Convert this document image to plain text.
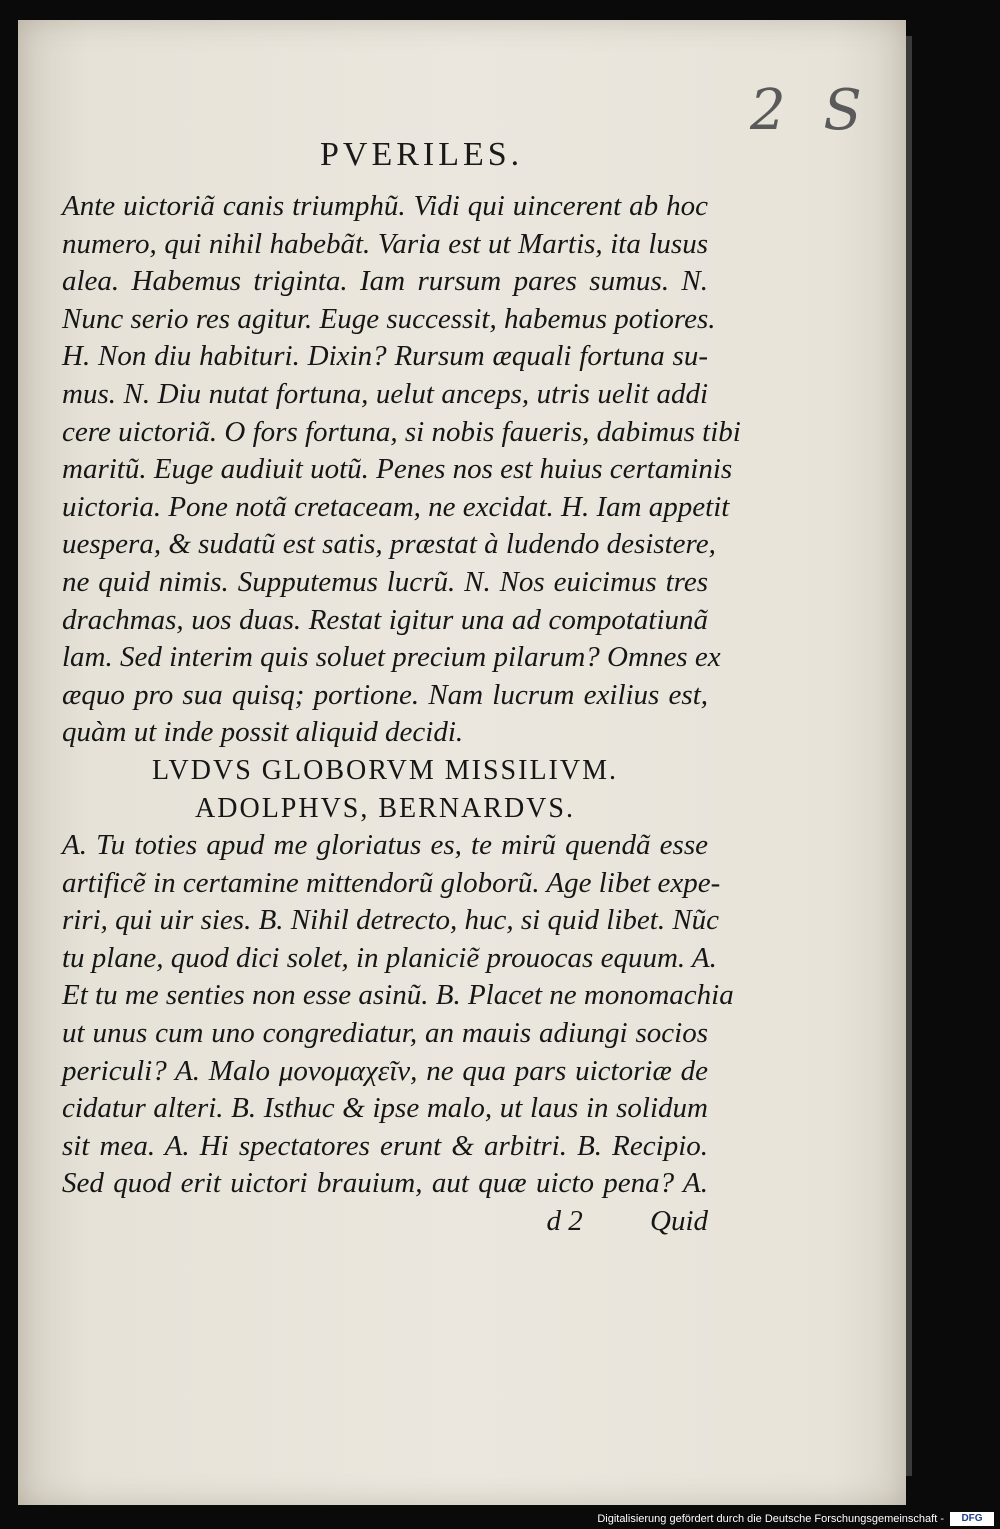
2 S
PVERILES.
Ante uictoriã canis triumphũ. Vidi qui uincerent ab hoc
numero, qui nihil habebãt. Varia est ut Martis, ita lusus
alea. Habemus triginta. Iam rursum pares sumus. N.
Nunc serio res agitur. Euge successit, habemus potiores.
H. Non diu habituri. Dixin? Rursum æquali fortuna su-
mus. N. Diu nutat fortuna, uelut anceps, utris uelit addi
cere uictoriã. O fors fortuna, si nobis faueris, dabimus tibi
maritũ. Euge audiuit uotũ. Penes nos est huius certaminis
uictoria. Pone notã cretaceam, ne excidat. H. Iam appetit
uespera, & sudatũ est satis, præstat à ludendo desistere,
ne quid nimis. Supputemus lucrũ. N. Nos euicimus tres
drachmas, uos duas. Restat igitur una ad compotatiunã
lam. Sed interim quis soluet precium pilarum? Omnes ex
æquo pro sua quisq; portione. Nam lucrum exilius est,
quàm ut inde possit aliquid decidi.
LVDVS GLOBORVM MISSILIVM.
ADOLPHVS, BERNARDVS.
A. Tu toties apud me gloriatus es, te mirũ quendã esse
artificẽ in certamine mittendorũ globorũ. Age libet expe-
riri, qui uir sies. B. Nihil detrecto, huc, si quid libet. Nũc
tu plane, quod dici solet, in planiciẽ prouocas equum. A.
Et tu me senties non esse asinũ. B. Placet ne monomachia
ut unus cum uno congrediatur, an mauis adiungi socios
periculi? A. Malo μονομαχεῖν, ne qua pars uictoriæ de
cidatur alteri. B. Isthuc & ipse malo, ut laus in solidum
sit mea. A. Hi spectatores erunt & arbitri. B. Recipio.
Sed quod erit uictori brauium, aut quæ uicto pena? A.
d 2 Quid
Digitalisierung gefördert durch die Deutsche Forschungsgemeinschaft -	DFG
